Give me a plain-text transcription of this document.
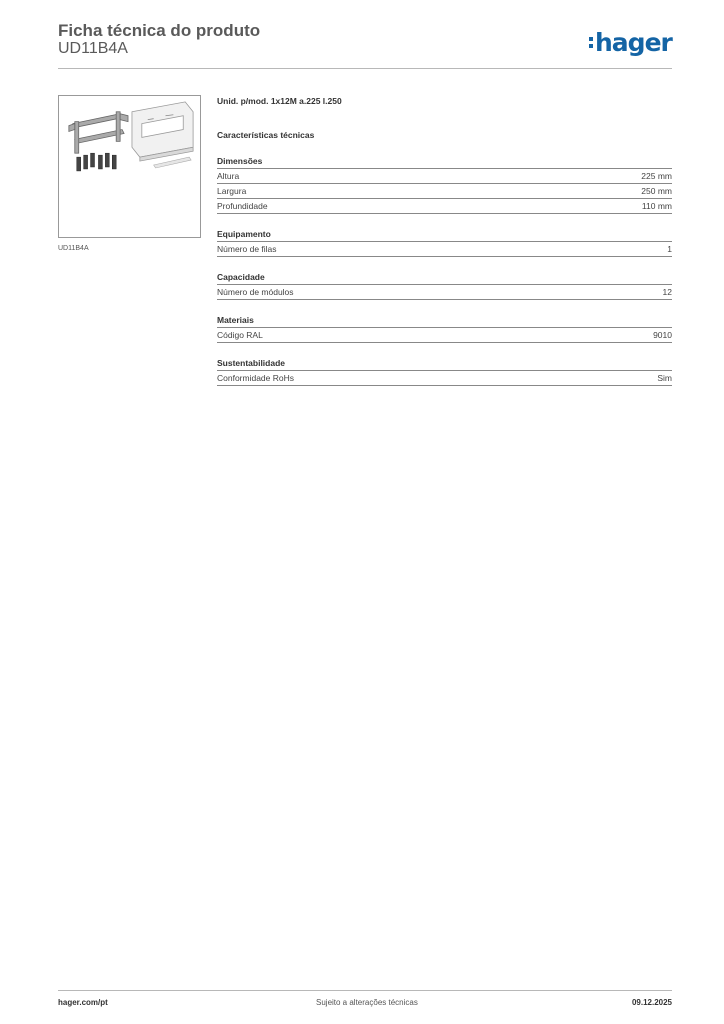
Ficha técnica do produto
UD11B4A	hager
UD11B4A
Unid. p/mod. 1x12M a.225 l.250
Características técnicas
Dimensões
Altura	225 mm
Largura	250 mm
Profundidade	110 mm
Equipamento
Número de filas	1
Capacidade
Número de módulos	12
Materiais
Código RAL	9010
Sustentabilidade
Conformidade RoHs	Sim
hager.com/pt	Sujeito a alterações técnicas	09.12.2025
